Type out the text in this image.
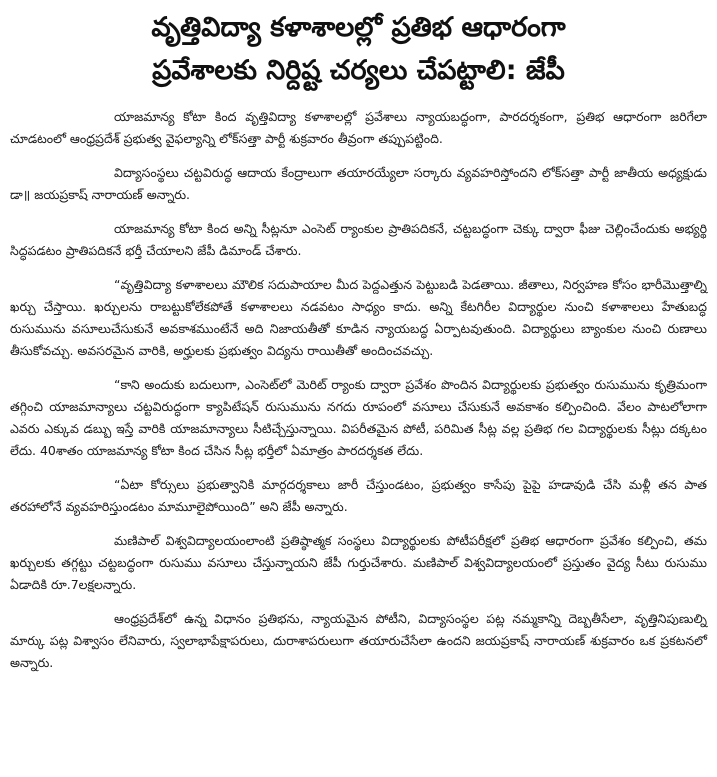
వృత్తివిద్యా కళాశాలల్లో ప్రతిభ ఆధారంగా
ప్రవేశాలకు నిర్దిష్ట చర్యలు చేపట్టాలి: జేపీ

యాజమాన్య కోటా కింద వృత్తివిద్యా కళాశాలల్లో ప్రవేశాలు న్యాయబద్ధంగా, పారదర్శకంగా, ప్రతిభ ఆధారంగా జరిగేలా చూడటంలో ఆంధ్రప్రదేశ్ ప్రభుత్వ వైఫల్యాన్ని లోక్‌సత్తా పార్టీ శుక్రవారం తీవ్రంగా తప్పుపట్టింది.

విద్యాసంస్థలు చట్టవిరుద్ధ ఆదాయ కేంద్రాలుగా తయారయ్యేలా సర్కారు వ్యవహరిస్తోందని లోక్‌సత్తా పార్టీ జాతీయ అధ్యక్షుడు డా॥ జయప్రకాష్ నారాయణ్ అన్నారు.

యాజమాన్య కోటా కింద అన్ని సీట్లనూ ఎంసెట్ ర్యాంకుల ప్రాతిపదికనే, చట్టబద్ధంగా చెక్కు ద్వారా ఫీజు చెల్లించేందుకు అభ్యర్థి సిద్ధపడటం ప్రాతిపదికనే భర్తీ చేయాలని జేపీ డిమాండ్ చేశారు.

“వృత్తివిద్యా కళాశాలలు మౌలిక సదుపాయాల మీద పెద్దఎత్తున పెట్టుబడి పెడతాయి. జీతాలు, నిర్వహణ కోసం భారీమొత్తాల్ని ఖర్చు చేస్తాయి. ఖర్చులను రాబట్టుకోలేకపోతే కళాశాలలు నడవటం సాధ్యం కాదు. అన్ని కేటగిరీల విద్యార్థుల నుంచి కళాశాలలు హేతుబద్ధ రుసుమును వసూలుచేసుకునే అవకాశముంటేనే అది నిజాయతీతో కూడిన న్యాయబద్ధ ఏర్పాటవుతుంది. విద్యార్థులు బ్యాంకుల నుంచి రుణాలు తీసుకోవచ్చు. అవసరమైన వారికి, అర్హులకు ప్రభుత్వం విద్యను రాయితీతో అందించవచ్చు.

“కాని అందుకు బదులుగా, ఎంసెట్‌లో మెరిట్ ర్యాంకు ద్వారా ప్రవేశం పొందిన విద్యార్థులకు ప్రభుత్వం రుసుమును కృత్రిమంగా తగ్గించి యాజమాన్యాలు చట్టవిరుద్ధంగా క్యాపిటేషన్ రుసుమును నగదు రూపంలో వసూలు చేసుకునే అవకాశం కల్పించింది. వేలం పాటలోలాగా ఎవరు ఎక్కువ డబ్బు ఇస్తే వారికి యాజమాన్యాలు సీటిచ్చేస్తున్నాయి. విపరీతమైన పోటీ, పరిమిత సీట్ల వల్ల ప్రతిభ గల విద్యార్థులకు సీట్లు దక్కటం లేదు. 40శాతం యాజమాన్య కోటా కింద చేసిన సీట్ల భర్తీలో ఏమాత్రం పారదర్శకత లేదు.

“ఏటా కోర్సులు ప్రభుత్వానికి మార్గదర్శకాలు జారీ చేస్తుండటం, ప్రభుత్వం కాసేపు పైపై హడావుడి చేసి మళ్లీ తన పాత తరహాలోనే వ్యవహరిస్తుండటం మామూలైపోయింది” అని జేపీ అన్నారు.

మణిపాల్ విశ్వవిద్యాలయంలాంటి ప్రతిష్ఠాత్మక సంస్థలు విద్యార్థులకు పోటీపరీక్షలో ప్రతిభ ఆధారంగా ప్రవేశం కల్పించి, తమ ఖర్చులకు తగ్గట్టు చట్టబద్ధంగా రుసుము వసూలు చేస్తున్నాయని జేపీ గుర్తుచేశారు. మణిపాల్ విశ్వవిద్యాలయంలో ప్రస్తుతం వైద్య సీటు రుసుము ఏడాదికి రూ.7లక్షలన్నారు.

ఆంధ్రప్రదేశ్‌లో ఉన్న విధానం ప్రతిభను, న్యాయమైన పోటీని, విద్యాసంస్థల పట్ల నమ్మకాన్ని దెబ్బతీసేలా, వృత్తినిపుణుల్ని మార్కు పట్ల విశ్వాసం లేనివారు, స్వలాభాపేక్షాపరులు, దురాశాపరులుగా తయారుచేసేలా ఉందని జయప్రకాష్ నారాయణ్ శుక్రవారం ఒక ప్రకటనలో అన్నారు.
